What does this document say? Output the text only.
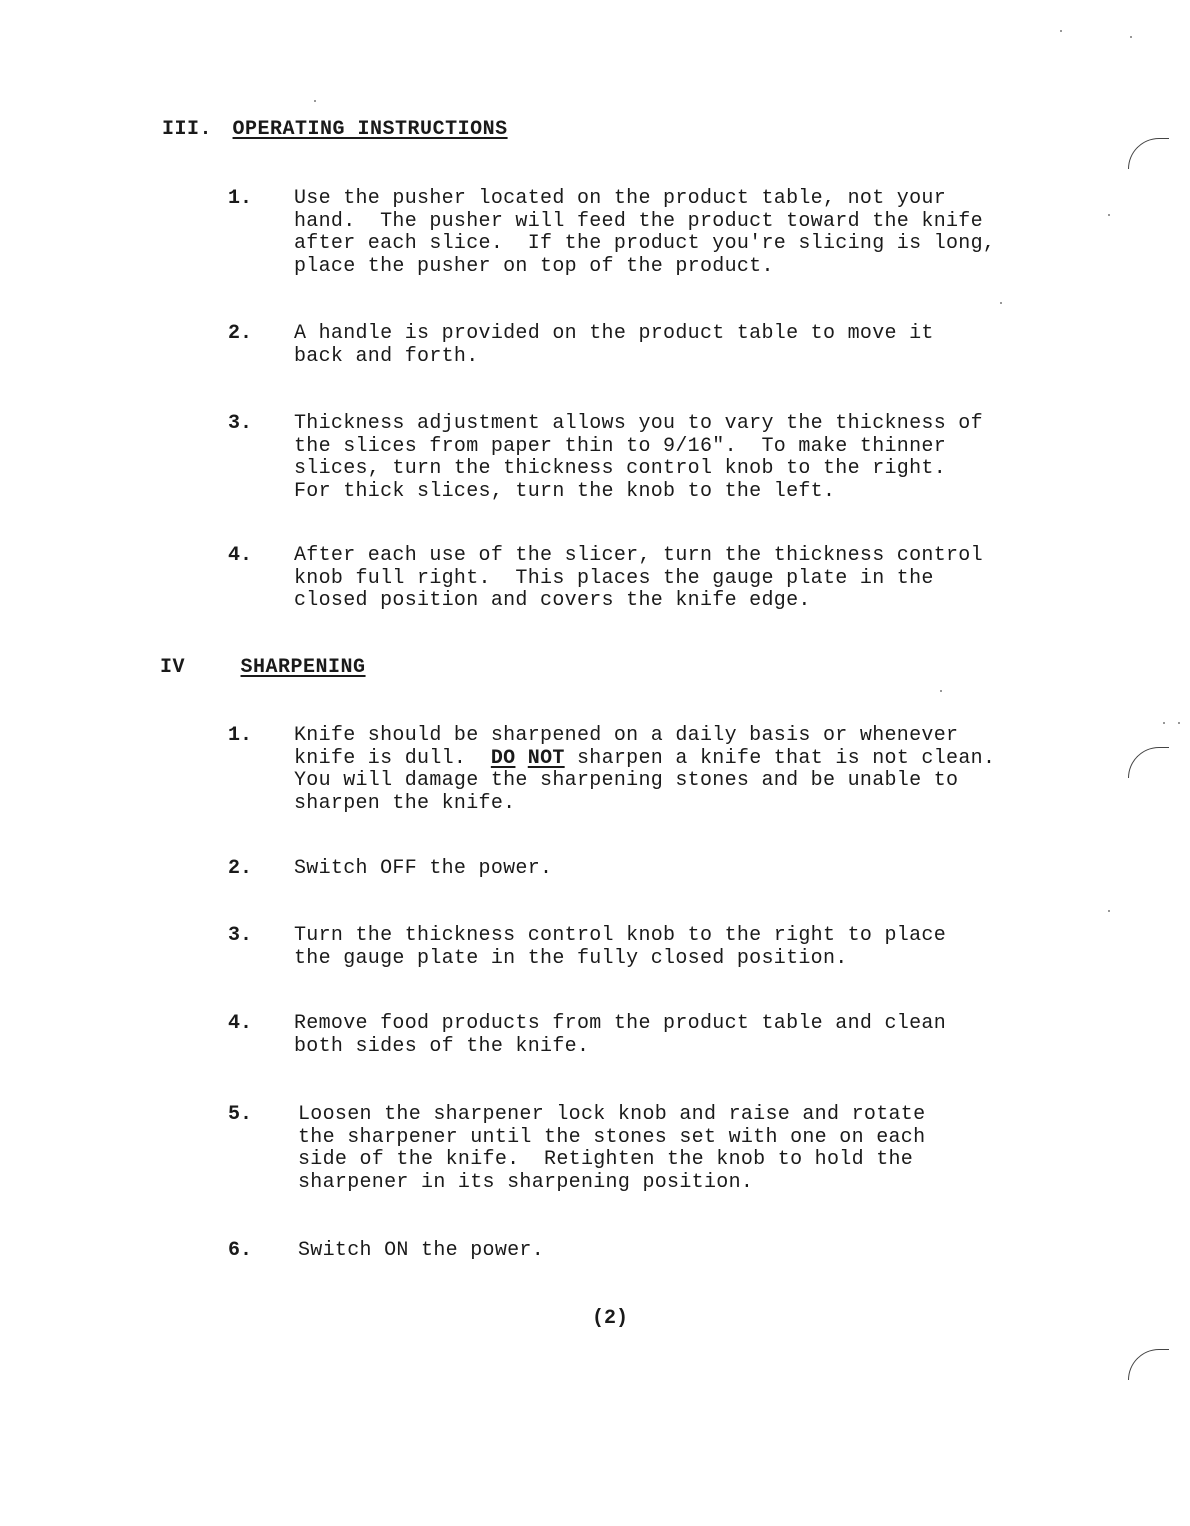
III. OPERATING INSTRUCTIONS
1.	Use the pusher located on the product table, not your
hand.  The pusher will feed the product toward the knife
after each slice.  If the product you're slicing is long,
place the pusher on top of the product.
2.	A handle is provided on the product table to move it
back and forth.
3.	Thickness adjustment allows you to vary the thickness of
the slices from paper thin to 9/16".  To make thinner
slices, turn the thickness control knob to the right.
For thick slices, turn the knob to the left.
4.	After each use of the slicer, turn the thickness control
knob full right.  This places the gauge plate in the
closed position and covers the knife edge.
IV	SHARPENING
1.	Knife should be sharpened on a daily basis or whenever
knife is dull.  DO NOT sharpen a knife that is not clean.
You will damage the sharpening stones and be unable to
sharpen the knife.
2.	Switch OFF the power.
3.	Turn the thickness control knob to the right to place
the gauge plate in the fully closed position.
4.	Remove food products from the product table and clean
both sides of the knife.
5.	Loosen the sharpener lock knob and raise and rotate
the sharpener until the stones set with one on each
side of the knife.  Retighten the knob to hold the
sharpener in its sharpening position.
6.	Switch ON the power.
(2)
